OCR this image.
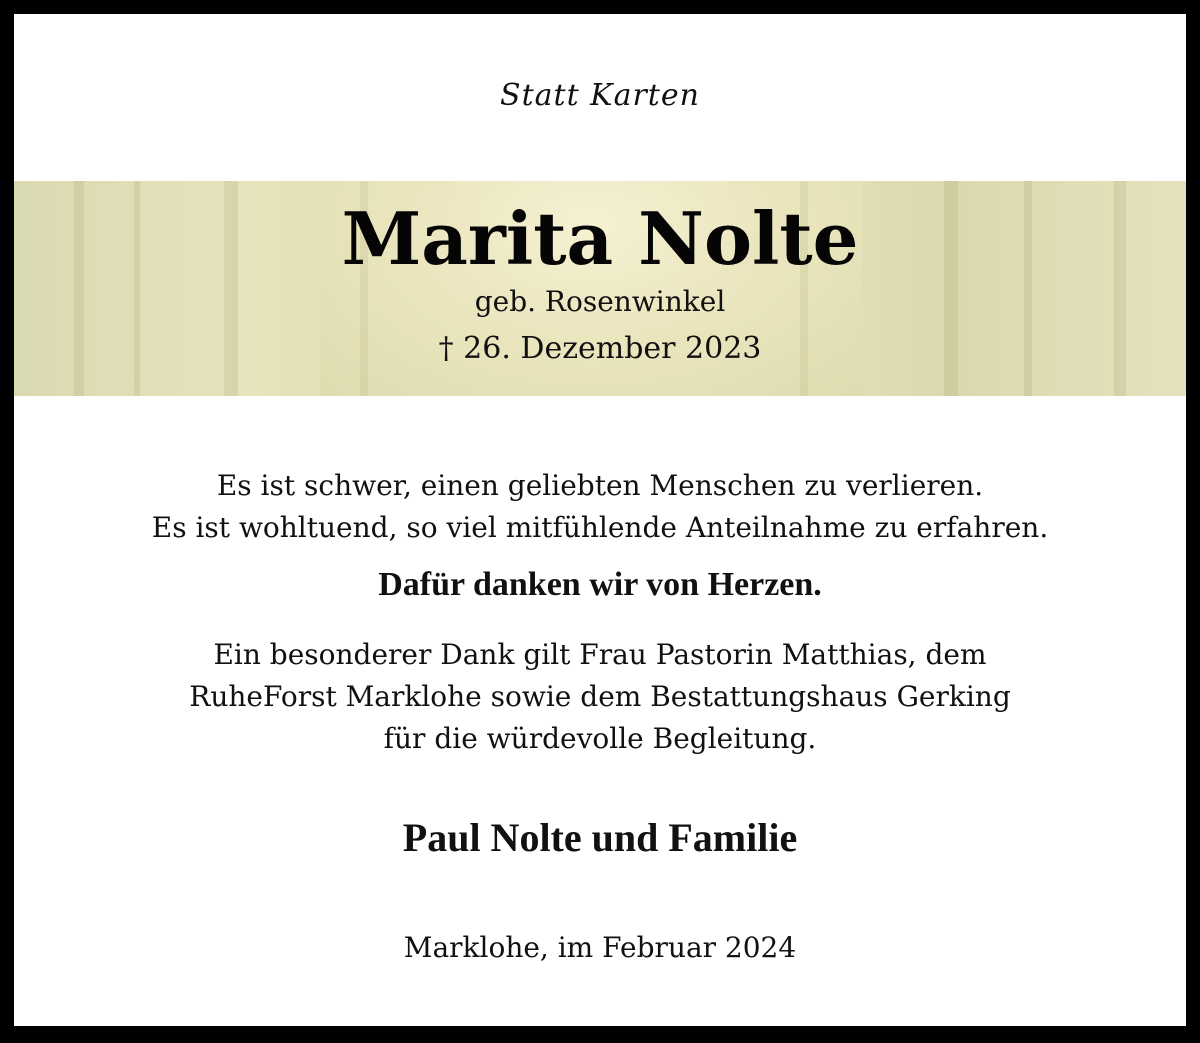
Statt Karten
Marita Nolte
geb. Rosenwinkel
† 26. Dezember 2023
Es ist schwer, einen geliebten Menschen zu verlieren.
Es ist wohltuend, so viel mitfühlende Anteilnahme zu erfahren.
Dafür danken wir von Herzen.
Ein besonderer Dank gilt Frau Pastorin Matthias, dem
RuheForst Marklohe sowie dem Bestattungshaus Gerking
für die würdevolle Begleitung.
Paul Nolte und Familie
Marklohe, im Februar 2024
